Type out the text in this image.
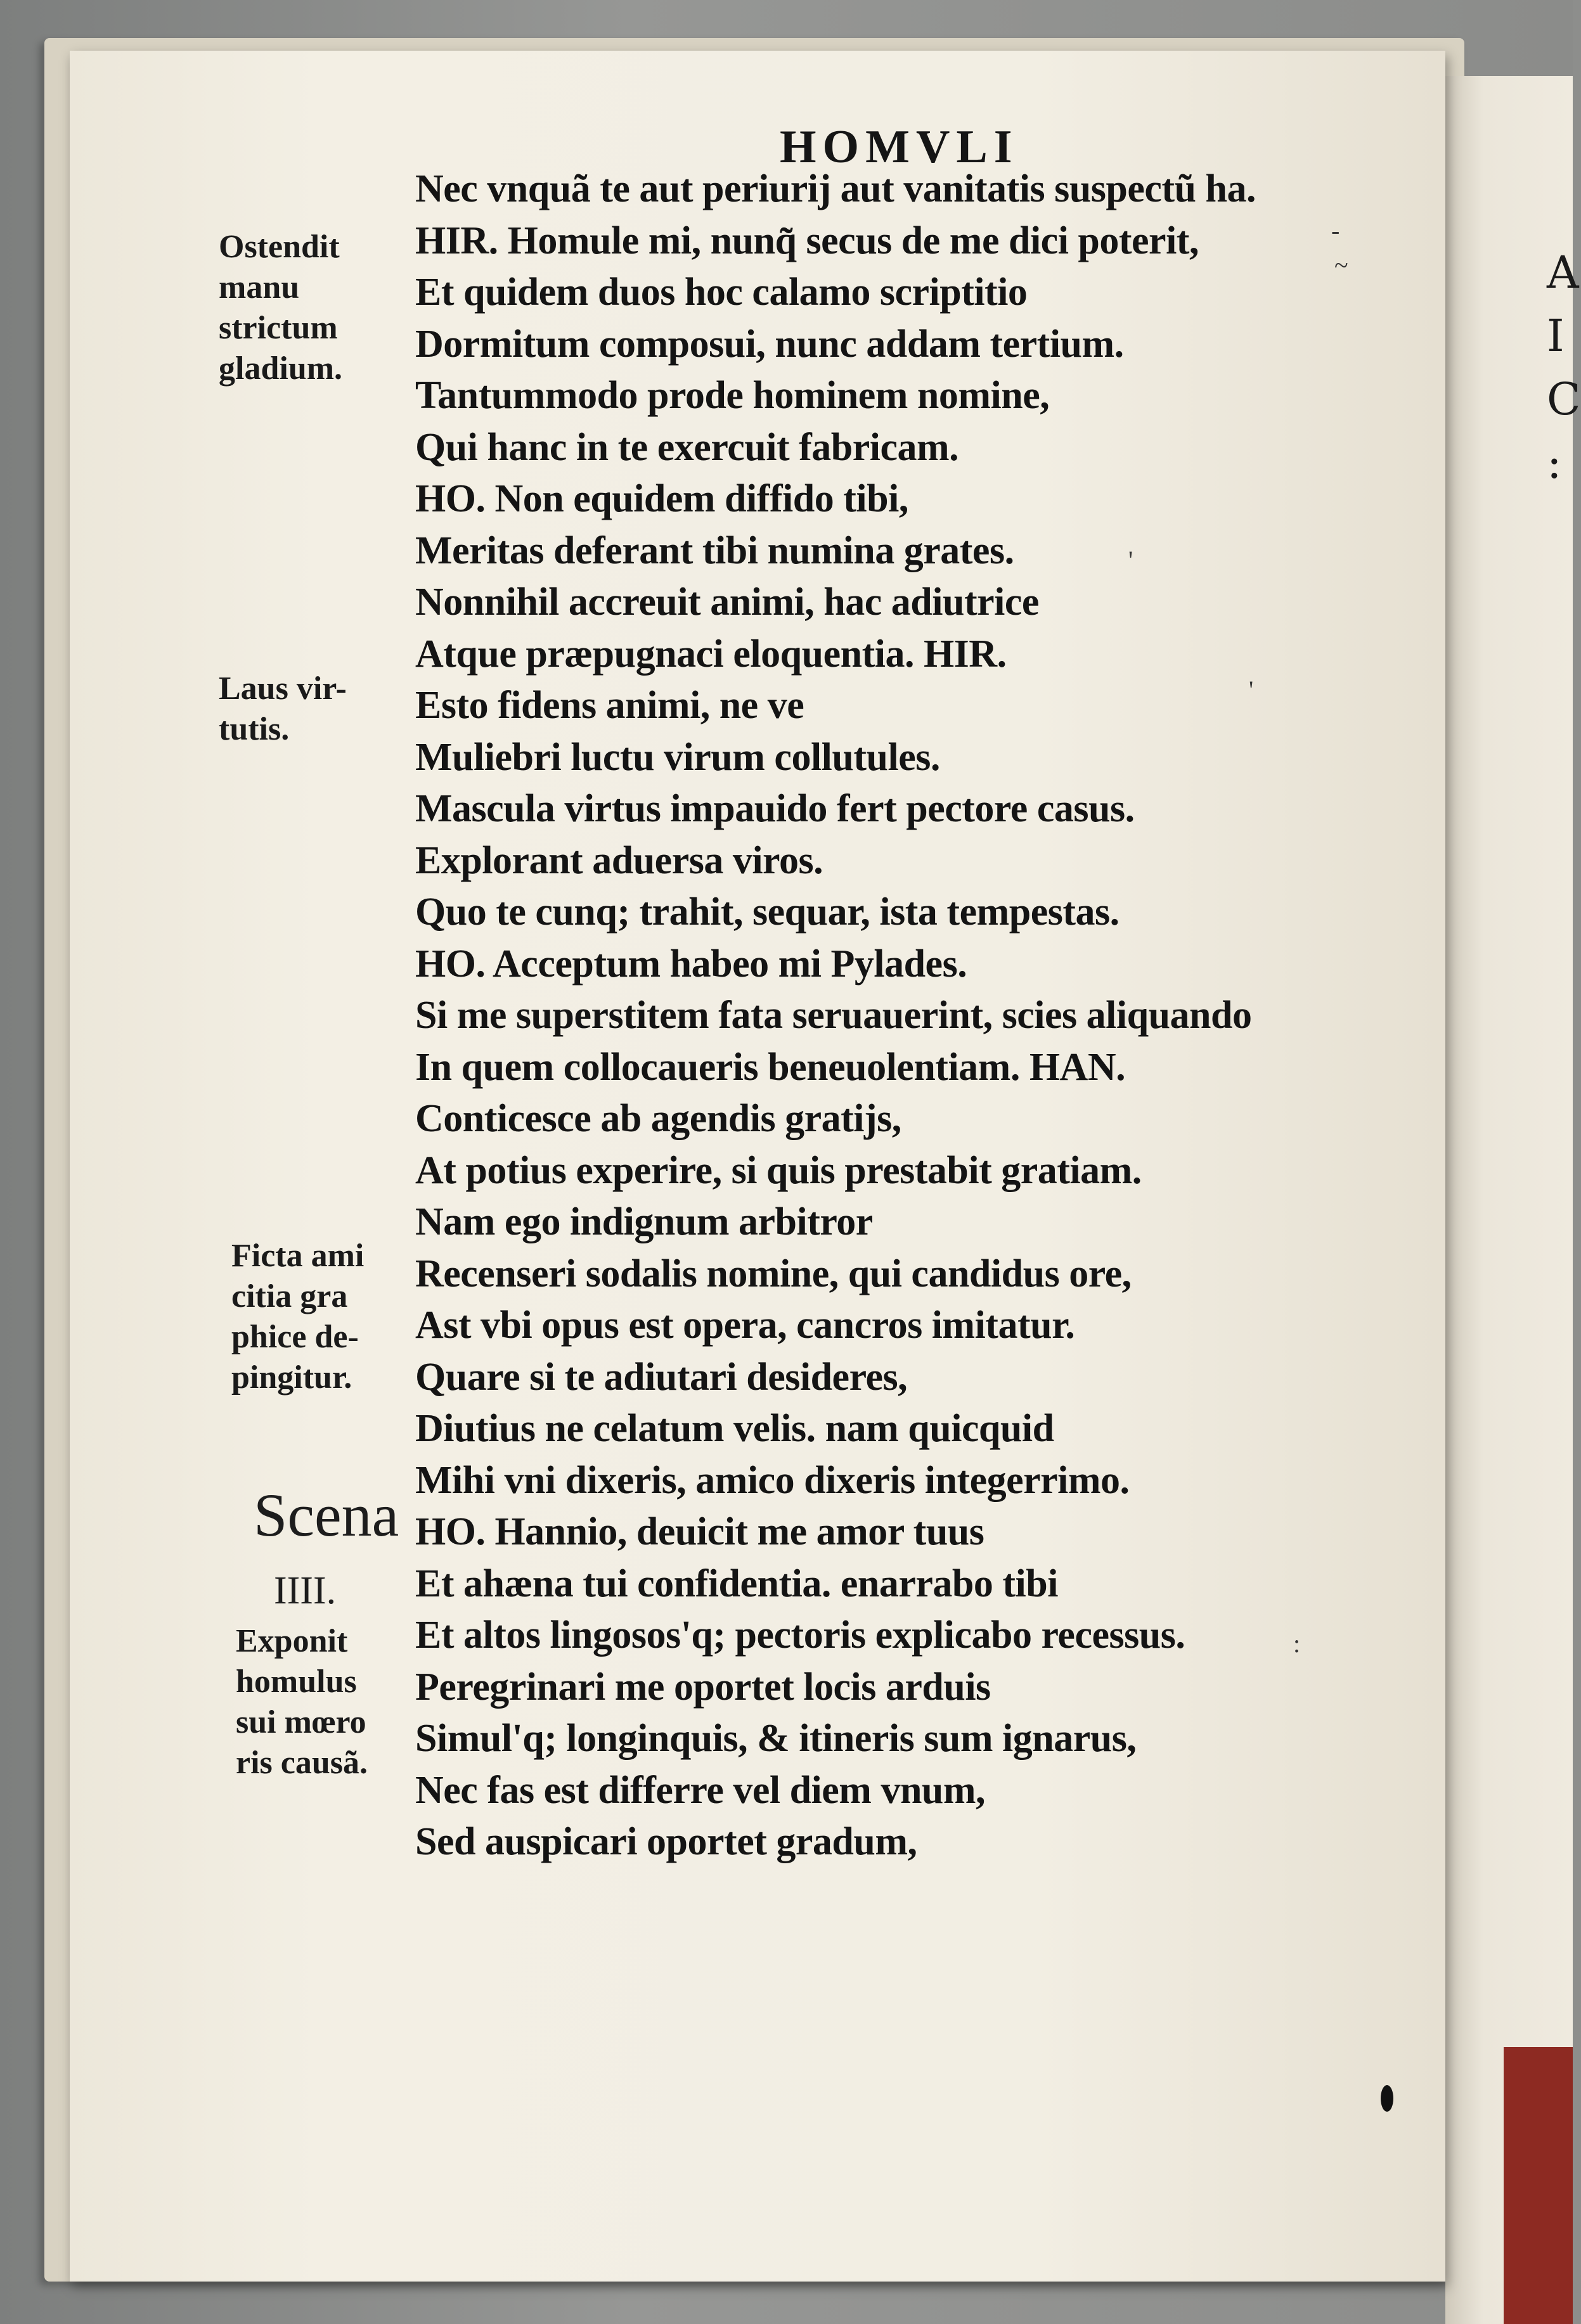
A
I
C
:
HOMVLI
Nec vnquã te aut periurij aut vanitatis suspectũ ha.
HIR. Homule mi, nunq̃ secus de me dici poterit,
Et quidem duos hoc calamo scriptitio
Dormitum composui, nunc addam tertium.
Tantummodo prode hominem nomine,
Qui hanc in te exercuit fabricam.
HO. Non equidem diffido tibi,
Meritas deferant tibi numina grates.
Nonnihil accreuit animi, hac adiutrice
Atque præpugnaci eloquentia. HIR.
Esto fidens animi, ne ve
Muliebri luctu virum collutules.
Mascula virtus impauido fert pectore casus.
Explorant aduersa viros.
Quo te cunq; trahit, sequar, ista tempestas.
HO. Acceptum habeo mi Pylades.
Si me superstitem fata seruauerint, scies aliquando
In quem collocaueris beneuolentiam. HAN.
Conticesce ab agendis gratijs,
At potius experire, si quis prestabit gratiam.
Nam ego indignum arbitror
Recenseri sodalis nomine, qui candidus ore,
Ast vbi opus est opera, cancros imitatur.
Quare si te adiutari desideres,
Diutius ne celatum velis. nam quicquid
Mihi vni dixeris, amico dixeris integerrimo.
HO. Hannio, deuicit me amor tuus
Et ahæna tui confidentia. enarrabo tibi
Et altos lingosos'q; pectoris explicabo recessus.
Peregrinari me oportet locis arduis
Simul'q; longinquis, & itineris sum ignarus,
Nec fas est differre vel diem vnum,
Sed auspicari oportet gradum,
Ostendit
manu
strictum
gladium.
Laus vir-
tutis.
Ficta ami
citia gra
phice de-
pingitur.
Scena
IIII.
Exponit
homulus
sui mœro
ris causã.
-
~
'
'
:
